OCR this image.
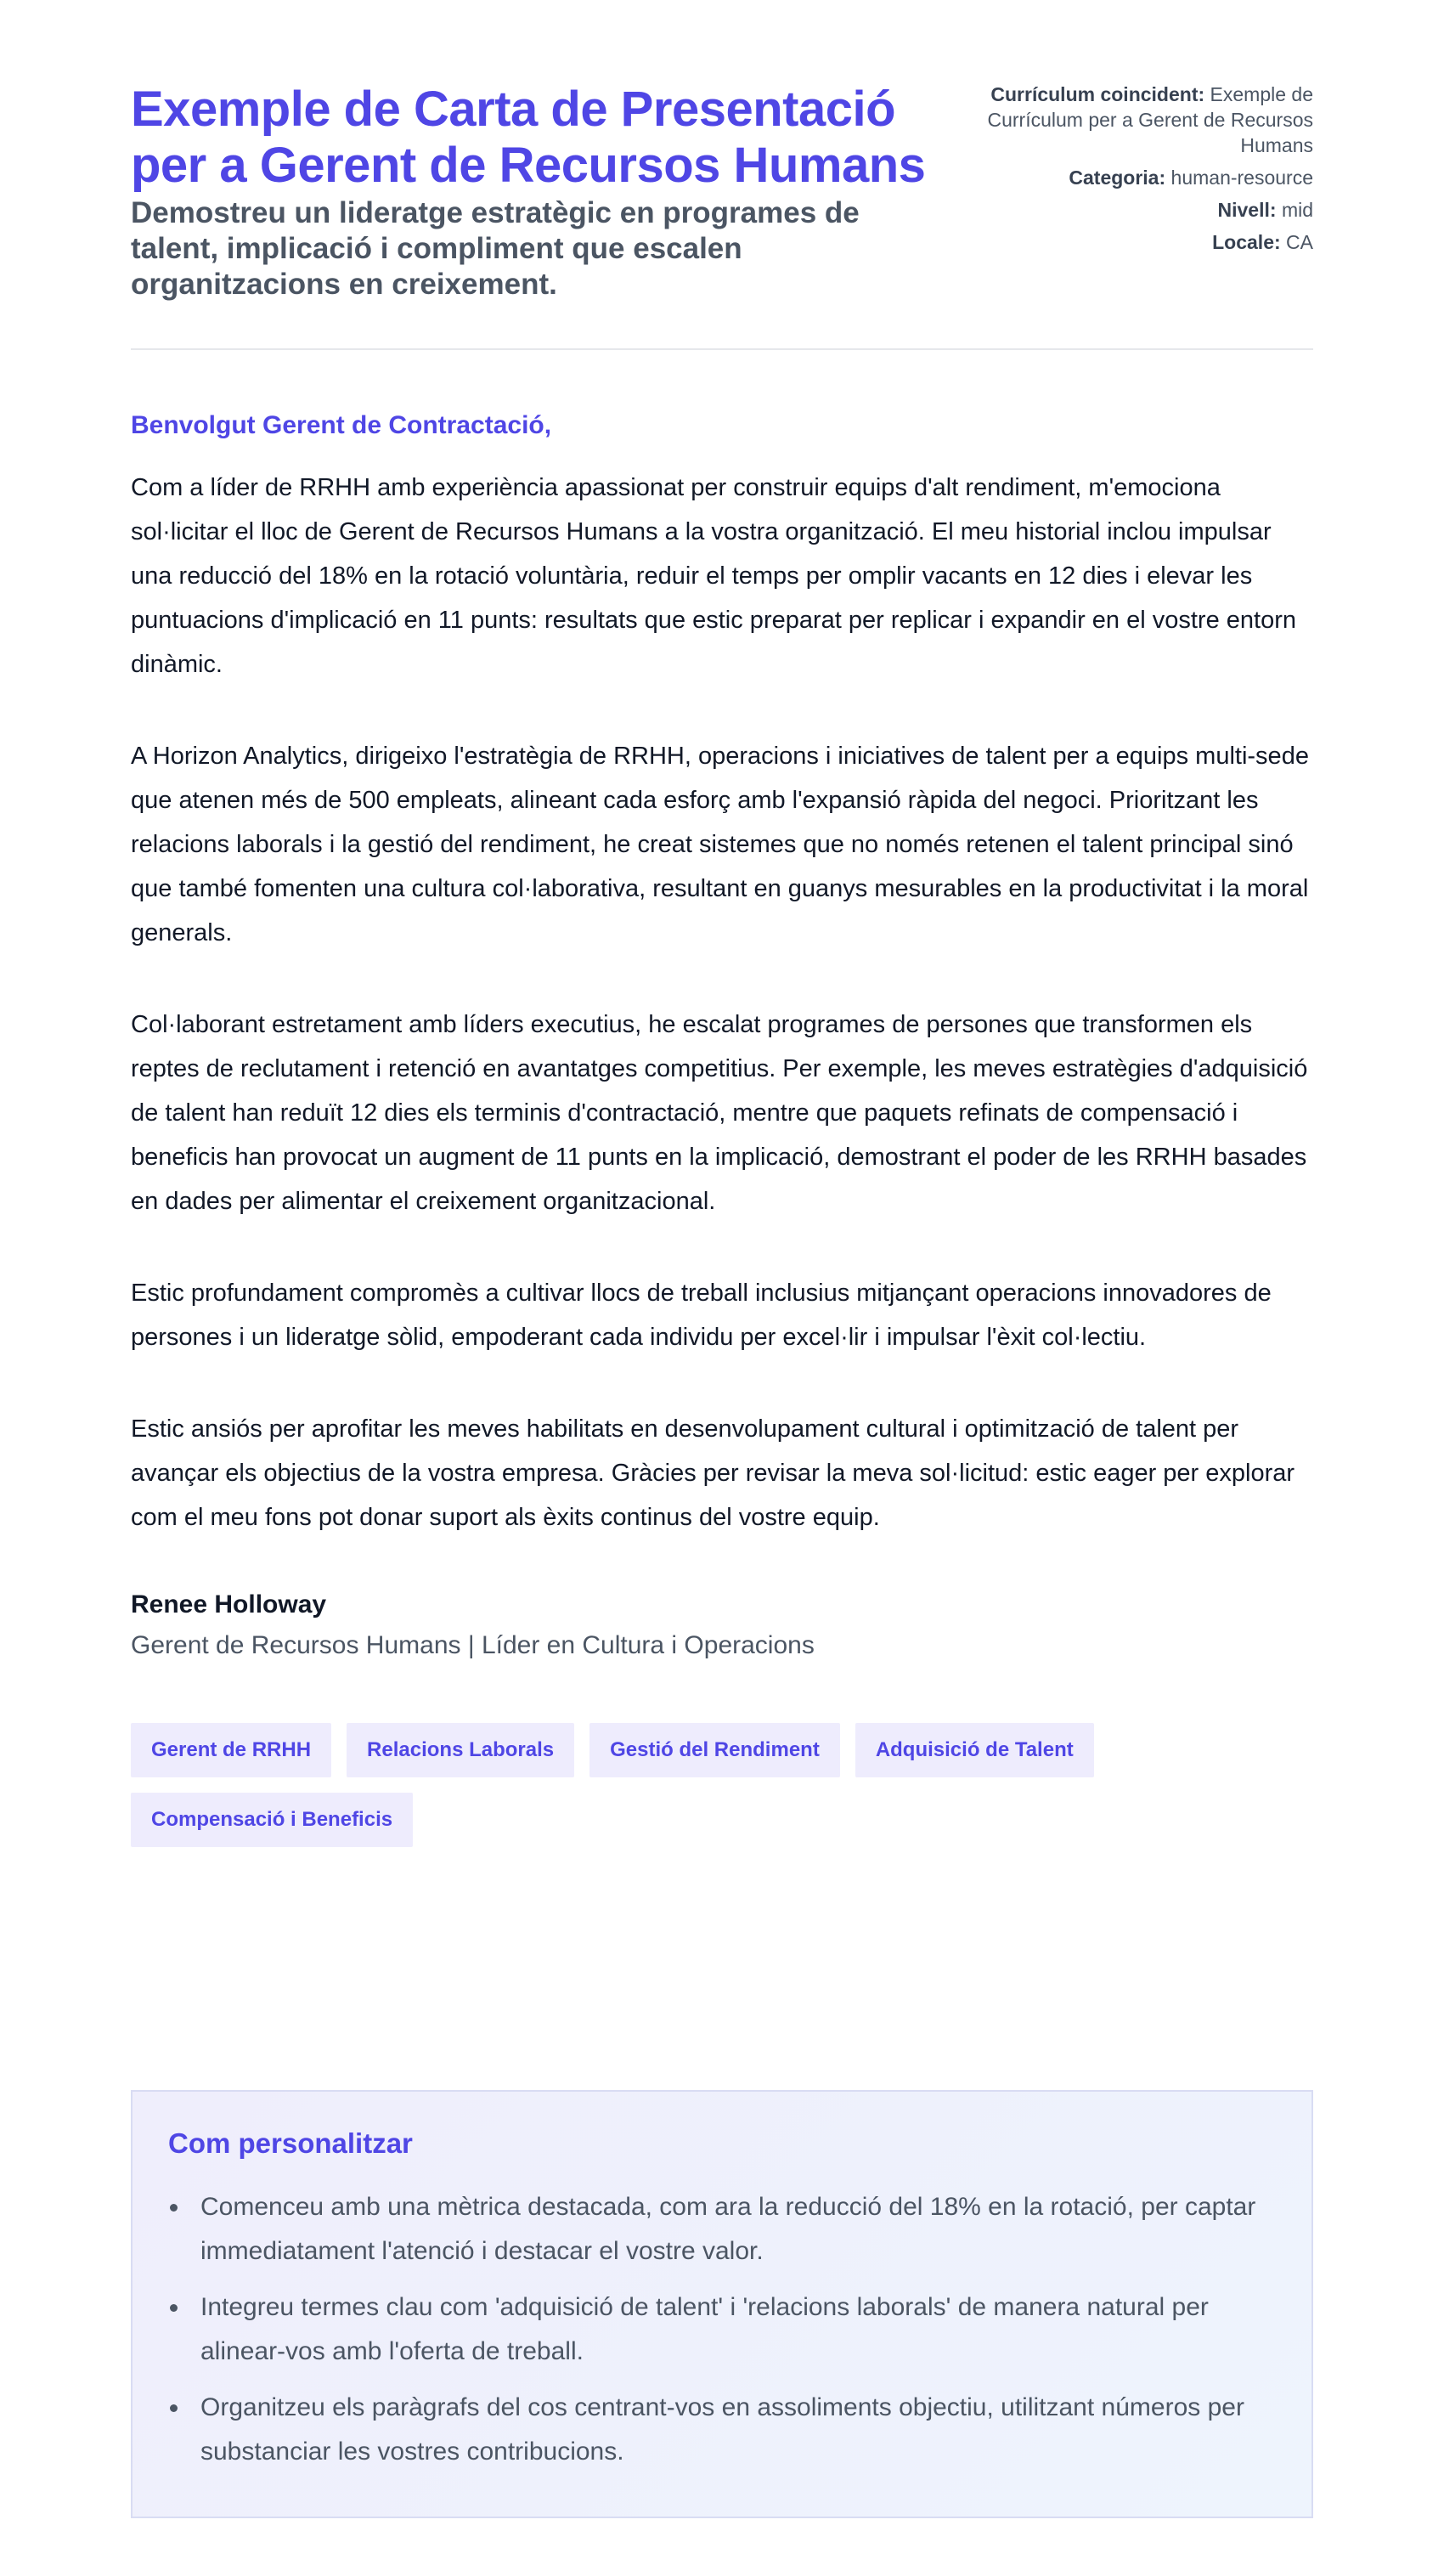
Exemple de Carta de Presentació per a Gerent de Recursos Humans
Demostreu un lideratge estratègic en programes de talent, implicació i compliment que escalen organitzacions en creixement.
Currículum coincident: Exemple de Currículum per a Gerent de Recursos Humans
Categoria: human-resource
Nivell: mid
Locale: CA
Benvolgut Gerent de Contractació,

Com a líder de RRHH amb experiència apassionat per construir equips d'alt rendiment, m'emociona sol·licitar el lloc de Gerent de Recursos Humans a la vostra organització. El meu historial inclou impulsar una reducció del 18% en la rotació voluntària, reduir el temps per omplir vacants en 12 dies i elevar les puntuacions d'implicació en 11 punts: resultats que estic preparat per replicar i expandir en el vostre entorn dinàmic.

A Horizon Analytics, dirigeixo l'estratègia de RRHH, operacions i iniciatives de talent per a equips multi-sede que atenen més de 500 empleats, alineant cada esforç amb l'expansió ràpida del negoci. Prioritzant les relacions laborals i la gestió del rendiment, he creat sistemes que no només retenen el talent principal sinó que també fomenten una cultura col·laborativa, resultant en guanys mesurables en la productivitat i la moral generals.

Col·laborant estretament amb líders executius, he escalat programes de persones que transformen els reptes de reclutament i retenció en avantatges competitius. Per exemple, les meves estratègies d'adquisició de talent han reduït 12 dies els terminis d'contractació, mentre que paquets refinats de compensació i beneficis han provocat un augment de 11 punts en la implicació, demostrant el poder de les RRHH basades en dades per alimentar el creixement organitzacional.

Estic profundament compromès a cultivar llocs de treball inclusius mitjançant operacions innovadores de persones i un lideratge sòlid, empoderant cada individu per excel·lir i impulsar l'èxit col·lectiu.

Estic ansiós per aprofitar les meves habilitats en desenvolupament cultural i optimització de talent per avançar els objectius de la vostra empresa. Gràcies per revisar la meva sol·licitud: estic eager per explorar com el meu fons pot donar suport als èxits continus del vostre equip.

Renee Holloway
Gerent de Recursos Humans | Líder en Cultura i Operacions
Gerent de RRHH	Relacions Laborals	Gestió del Rendiment	Adquisició de Talent
Compensació i Beneficis
Com personalitzar
Comenceu amb una mètrica destacada, com ara la reducció del 18% en la rotació, per captar immediatament l'atenció i destacar el vostre valor.
Integreu termes clau com 'adquisició de talent' i 'relacions laborals' de manera natural per alinear-vos amb l'oferta de treball.
Organitzeu els paràgrafs del cos centrant-vos en assoliments objectiu, utilitzant números per substanciar les vostres contribucions.
